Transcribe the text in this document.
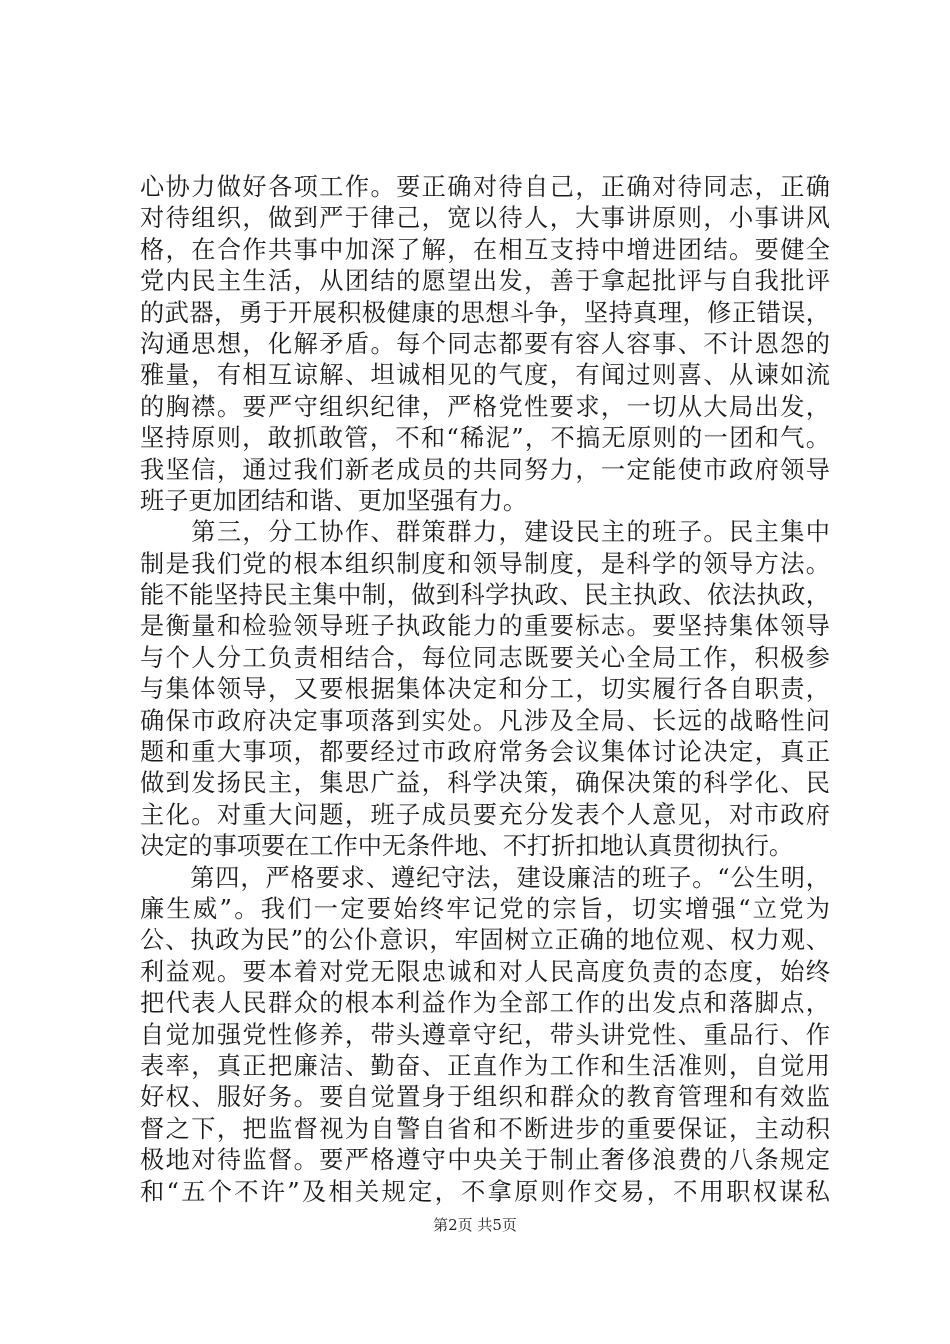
心协力做好各项工作。要正确对待自己，正确对待同志，正确
对待组织，做到严于律己，宽以待人，大事讲原则，小事讲风
格，在合作共事中加深了解，在相互支持中增进团结。要健全
党内民主生活，从团结的愿望出发，善于拿起批评与自我批评
的武器，勇于开展积极健康的思想斗争，坚持真理，修正错误，
沟通思想，化解矛盾。每个同志都要有容人容事、不计恩怨的
雅量，有相互谅解、坦诚相见的气度，有闻过则喜、从谏如流
的胸襟。要严守组织纪律，严格党性要求，一切从大局出发，
坚持原则，敢抓敢管，不和“稀泥”，不搞无原则的一团和气。
我坚信，通过我们新老成员的共同努力，一定能使市政府领导
班子更加团结和谐、更加坚强有力。
　　第三，分工协作、群策群力，建设民主的班子。民主集中
制是我们党的根本组织制度和领导制度，是科学的领导方法。
能不能坚持民主集中制，做到科学执政、民主执政、依法执政，
是衡量和检验领导班子执政能力的重要标志。要坚持集体领导
与个人分工负责相结合，每位同志既要关心全局工作，积极参
与集体领导，又要根据集体决定和分工，切实履行各自职责，
确保市政府决定事项落到实处。凡涉及全局、长远的战略性问
题和重大事项，都要经过市政府常务会议集体讨论决定，真正
做到发扬民主，集思广益，科学决策，确保决策的科学化、民
主化。对重大问题，班子成员要充分发表个人意见，对市政府
决定的事项要在工作中无条件地、不打折扣地认真贯彻执行。
　　第四，严格要求、遵纪守法，建设廉洁的班子。“公生明，
廉生威”。我们一定要始终牢记党的宗旨，切实增强“立党为
公、执政为民”的公仆意识，牢固树立正确的地位观、权力观、
利益观。要本着对党无限忠诚和对人民高度负责的态度，始终
把代表人民群众的根本利益作为全部工作的出发点和落脚点，
自觉加强党性修养，带头遵章守纪，带头讲党性、重品行、作
表率，真正把廉洁、勤奋、正直作为工作和生活准则，自觉用
好权、服好务。要自觉置身于组织和群众的教育管理和有效监
督之下，把监督视为自警自省和不断进步的重要保证，主动积
极地对待监督。要严格遵守中央关于制止奢侈浪费的八条规定
和“五个不许”及相关规定，不拿原则作交易，不用职权谋私
第2页 共5页
